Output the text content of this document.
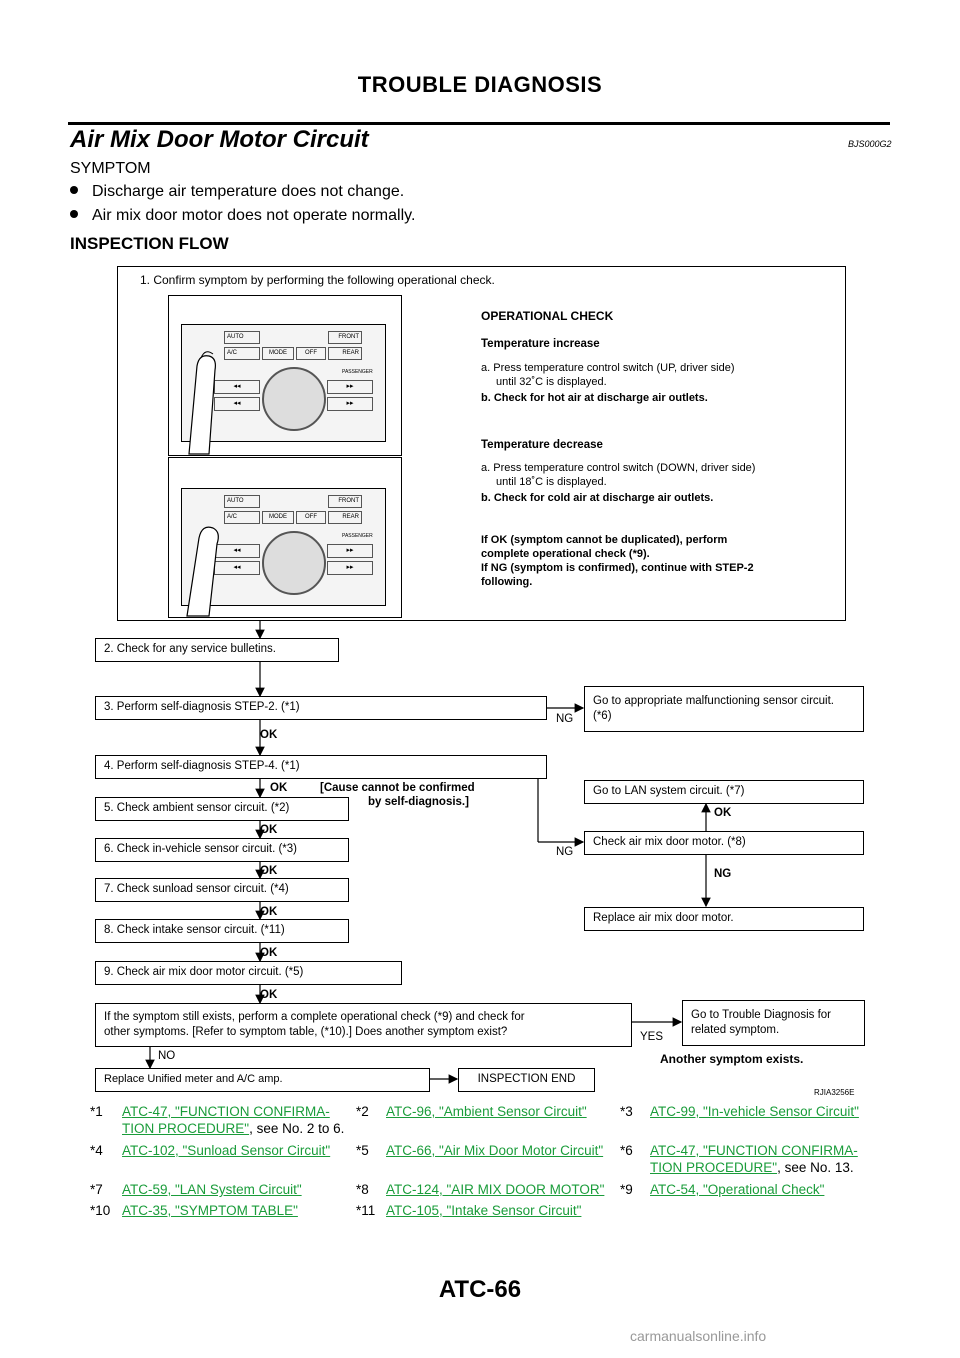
TROUBLE DIAGNOSIS
Air Mix Door Motor Circuit	BJS000G2
SYMPTOM
Discharge air temperature does not change.
Air mix door motor does not operate normally.
INSPECTION FLOW
1. Confirm symptom by performing the following operational check.
AUTO
A/C	MODE	OFF
FRONT
REAR
PASSENGER
◂◂
◂◂
▸▸
▸▸
AUTO
A/C	MODE	OFF
FRONT
REAR
PASSENGER
◂◂
◂◂
▸▸
▸▸
OPERATIONAL CHECK
Temperature increase
a. Press temperature control switch (UP, driver side)
until 32˚C is displayed.
b. Check for hot air at discharge air outlets.
Temperature decrease
a. Press temperature control switch (DOWN, driver side)
until 18˚C is displayed.
b. Check for cold air at discharge air outlets.
If OK (symptom cannot be duplicated), perform
complete operational check (*9).
If NG (symptom is confirmed), continue with STEP-2
following.
2. Check for any service bulletins.
3. Perform self-diagnosis STEP-2. (*1)	Go to appropriate malfunctioning sensor circuit. (*6)
4. Perform self-diagnosis STEP-4. (*1)
5. Check ambient sensor circuit. (*2)
6. Check in-vehicle sensor circuit. (*3)
7. Check sunload sensor circuit. (*4)
8. Check intake sensor circuit. (*11)
9. Check air mix door motor circuit. (*5)
Go to LAN system circuit. (*7)
Check air mix door motor. (*8)
Replace air mix door motor.
If the symptom still exists, perform a complete operational check (*9) and check for
other symptoms. [Refer to symptom table, (*10).] Does another symptom exist?
Go to Trouble Diagnosis for related symptom.
Replace Unified meter and A/C amp.	INSPECTION END
OK
NG
OK	[Cause cannot be confirmed
by self-diagnosis.]
OK
OK
OK
OK
OK
NG
OK
NG
YES
NO	Another symptom exists.
RJIA3256E
*1 ATC-47, "FUNCTION CONFIRMA-
TION PROCEDURE", see No. 2 to 6.
*2 ATC-96, "Ambient Sensor Circuit" *3 ATC-99, "In-vehicle Sensor Circuit"
*4 ATC-102, "Sunload Sensor Circuit" *5 ATC-66, "Air Mix Door Motor Circuit" *6 ATC-47, "FUNCTION CONFIRMA-
TION PROCEDURE", see No. 13.
*7 ATC-59, "LAN System Circuit"	*8 ATC-124, "AIR MIX DOOR MOTOR" *9 ATC-54, "Operational Check"
*10 ATC-35, "SYMPTOM TABLE"	*11 ATC-105, "Intake Sensor Circuit"
ATC-66
carmanualsonline.info
